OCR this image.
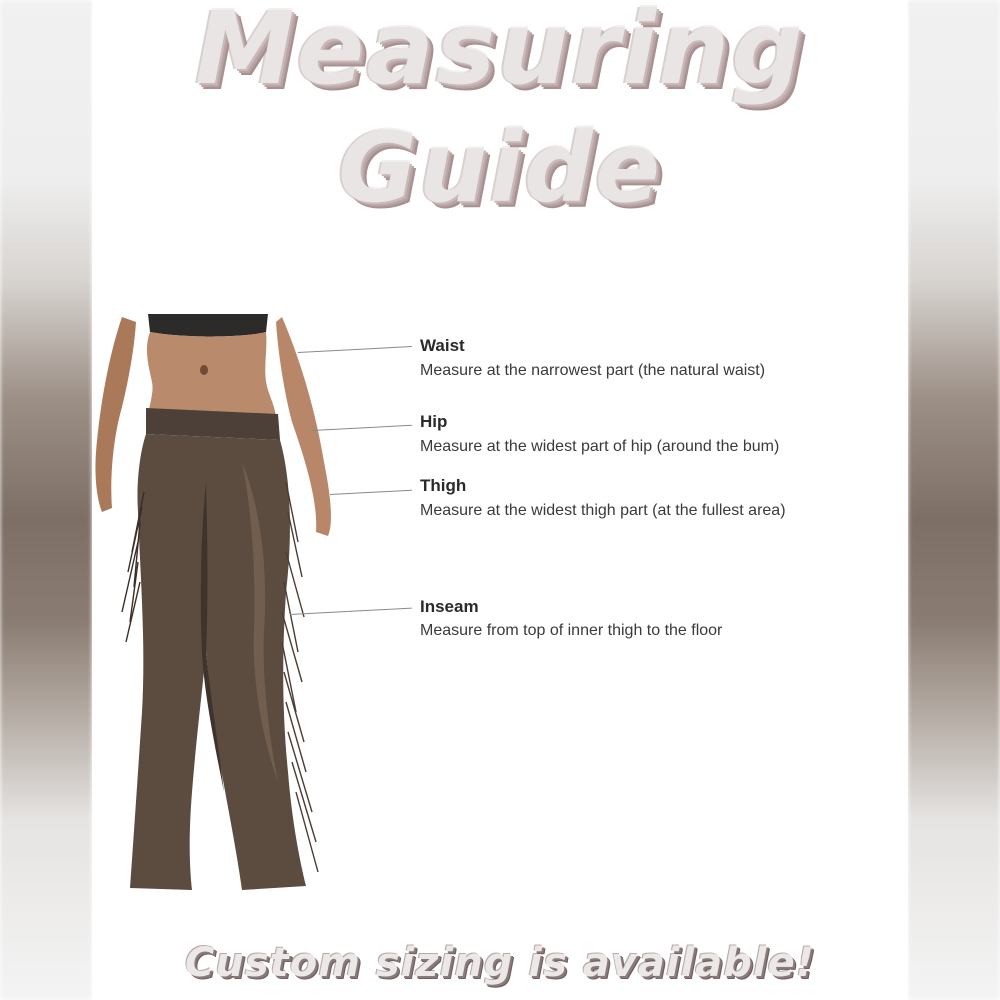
Measuring
Guide
Waist
Measure at the narrowest part (the natural waist)
Hip
Measure at the widest part of hip (around the bum)
Thigh
Measure at the widest thigh part (at the fullest area)
Inseam
Measure from top of inner thigh to the floor
Custom sizing is available!
